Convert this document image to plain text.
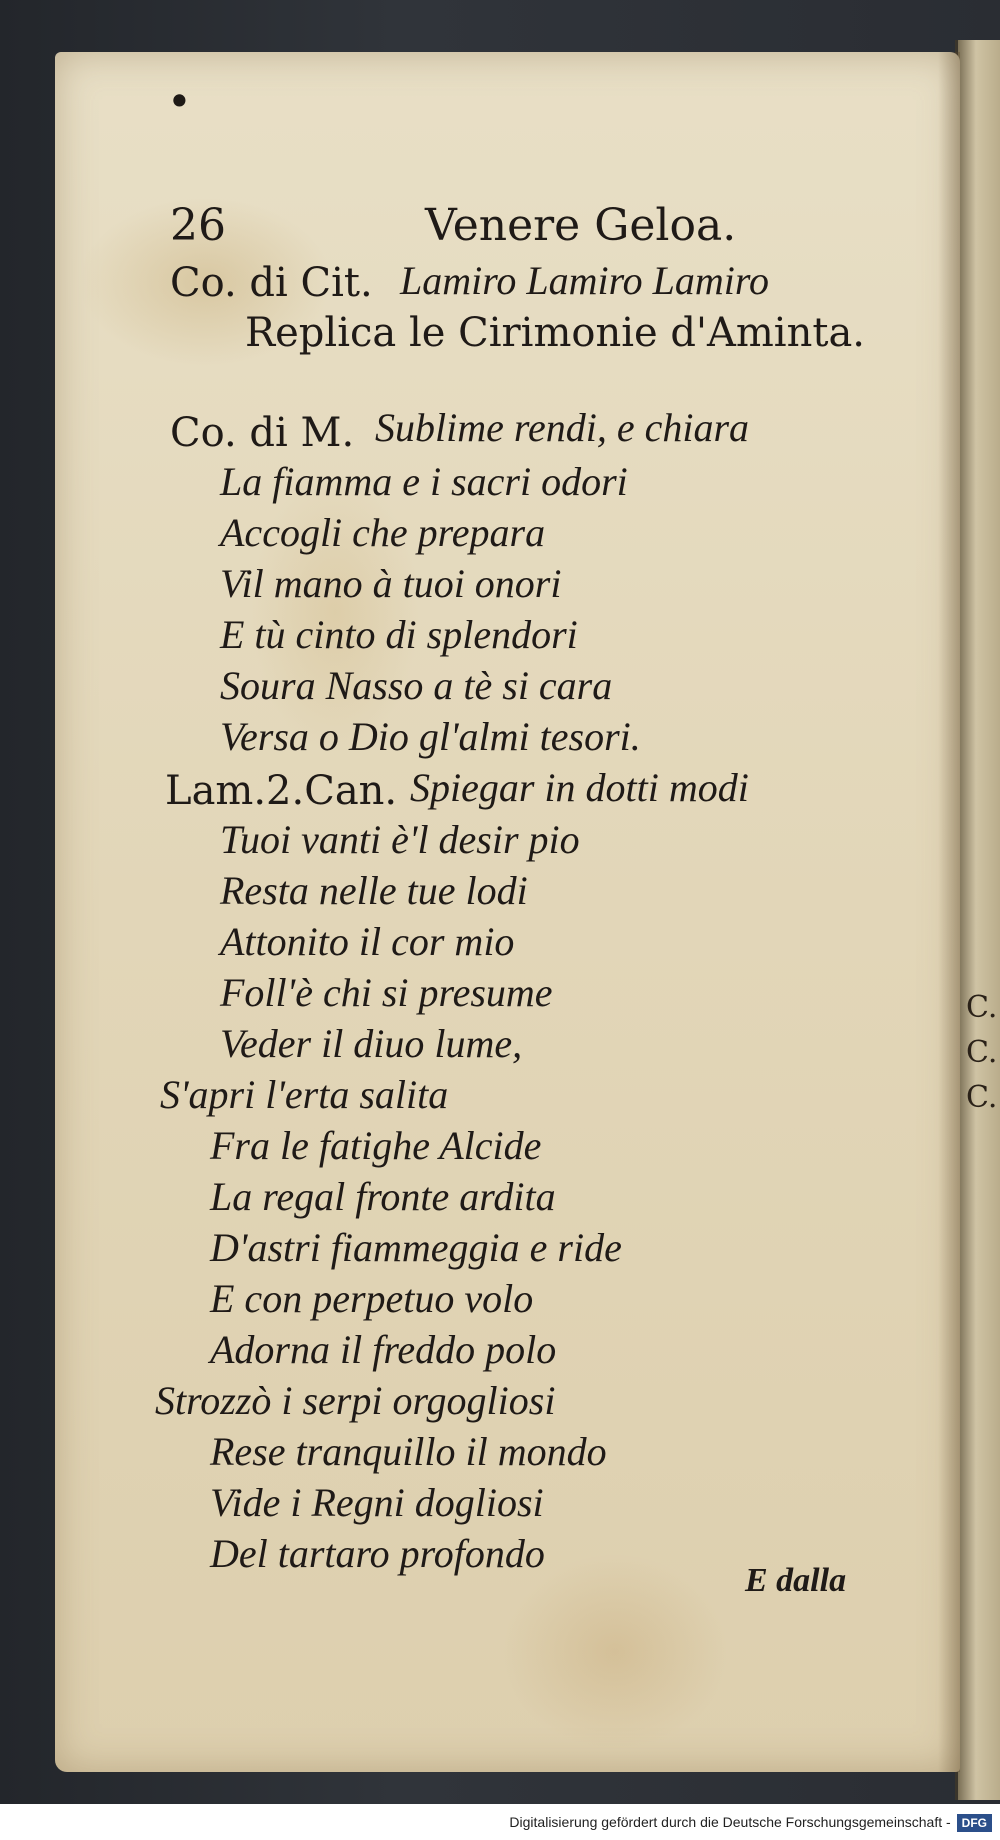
C.
C.
C.
•
26	Venere Geloa.
Co. di Cit. Lamiro Lamiro Lamiro
Replica le Cirimonie d'Aminta.
Co. di M. Sublime rendi, e chiara
La fiamma e i sacri odori
Accogli che prepara
Vil mano à tuoi onori
E tù cinto di splendori
Soura Nasso a tè si cara
Versa o Dio gl'almi tesori.
Lam.2.Can. Spiegar in dotti modi
Tuoi vanti è'l desir pio
Resta nelle tue lodi
Attonito il cor mio
Foll'è chi si presume
Veder il diuo lume,
S'apri l'erta salita
Fra le fatighe Alcide
La regal fronte ardita
D'astri fiammeggia e ride
E con perpetuo volo
Adorna il freddo polo
Strozzò i serpi orgogliosi
Rese tranquillo il mondo
Vide i Regni dogliosi
Del tartaro profondo
E dalla
Digitalisierung gefördert durch die Deutsche Forschungsgemeinschaft - DFG
